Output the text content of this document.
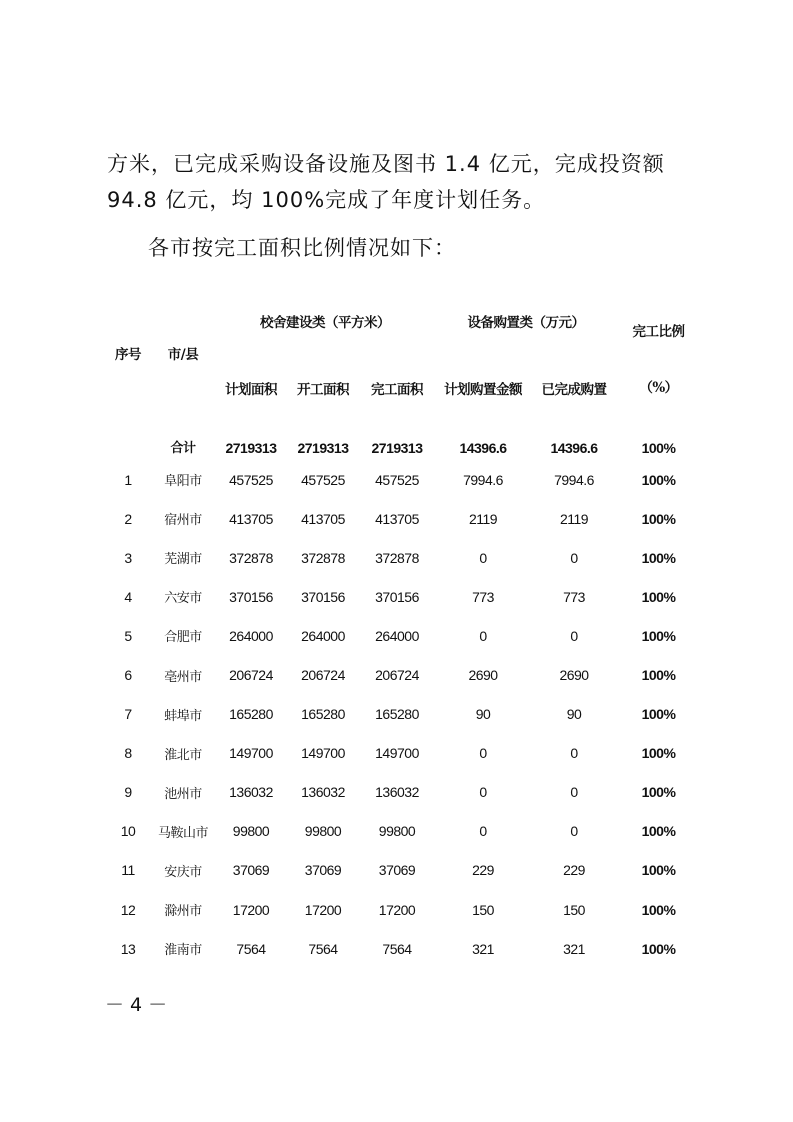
方米，已完成采购设备设施及图书 1.4 亿元，完成投资额 94.8 亿元，均 100%完成了年度计划任务。
各市按完工面积比例情况如下：
序号	市/县	校舍建设类（平方米）			设备购置类（万元）		完工比例
		计划面积	开工面积	完工面积	计划购置金额	已完成购置	（%）
	合计	2719313	2719313	2719313	14396.6	14396.6	100%
1	阜阳市	457525	457525	457525	7994.6	7994.6	100%
2	宿州市	413705	413705	413705	2119	2119	100%
3	芜湖市	372878	372878	372878	0	0	100%
4	六安市	370156	370156	370156	773	773	100%
5	合肥市	264000	264000	264000	0	0	100%
6	亳州市	206724	206724	206724	2690	2690	100%
7	蚌埠市	165280	165280	165280	90	90	100%
8	淮北市	149700	149700	149700	0	0	100%
9	池州市	136032	136032	136032	0	0	100%
10	马鞍山市	99800	99800	99800	0	0	100%
11	安庆市	37069	37069	37069	229	229	100%
12	滁州市	17200	17200	17200	150	150	100%
13	淮南市	7564	7564	7564	321	321	100%
－ 4 －
